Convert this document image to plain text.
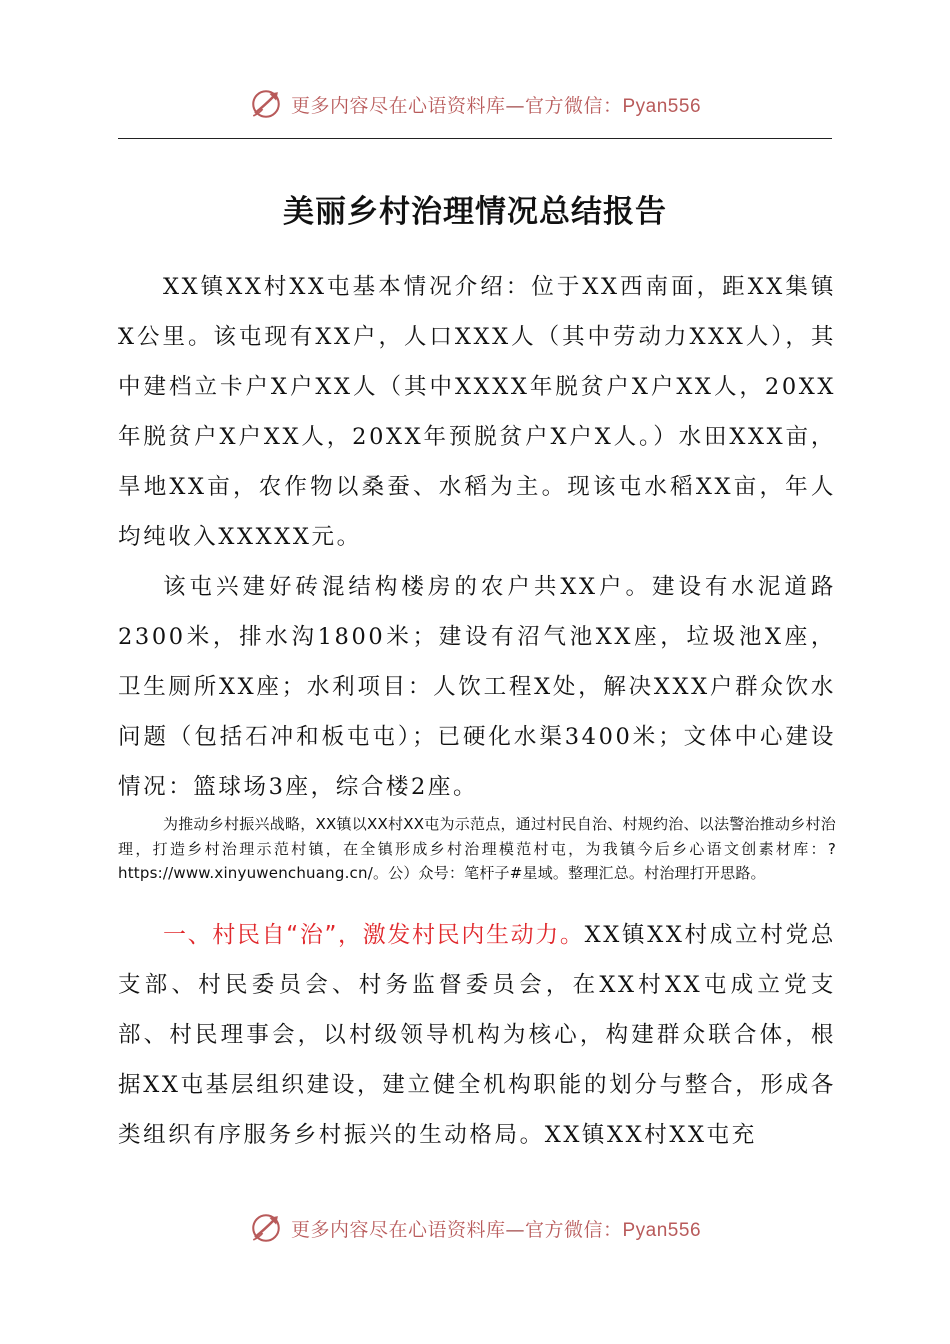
更多内容尽在心语资料库—官方微信：Pyan556
美丽乡村治理情况总结报告

XX镇XX村XX屯基本情况介绍：位于XX西南面，距XX集镇X公里。该屯现有XX户，人口XXX人（其中劳动力XXX人），其中建档立卡户X户XX人（其中XXXX年脱贫户X户XX人，20XX年脱贫户X户XX人，20XX年预脱贫户X户X人。）水田XXX亩，旱地XX亩，农作物以桑蚕、水稻为主。现该屯水稻XX亩，年人均纯收入XXXXX元。

该屯兴建好砖混结构楼房的农户共XX户。建设有水泥道路2300米，排水沟1800米；建设有沼气池XX座，垃圾池X座，卫生厕所XX座；水利项目：人饮工程X处，解决XXX户群众饮水问题（包括石冲和板屯屯）；已硬化水渠3400米；文体中心建设情况：篮球场3座，综合楼2座。

为推动乡村振兴战略，XX镇以XX村XX屯为示范点，通过村民自治、村规约治、以法警治推动乡村治理，打造乡村治理示范村镇，在全镇形成乡村治理模范村屯，为我镇今后乡心语文创素材库：?https://www.xinyuwenchuang.cn/。公）众号：笔杆子#星域。整理汇总。村治理打开思路。

一、村民自“治”，激发村民内生动力。XX镇XX村成立村党总支部、村民委员会、村务监督委员会，在XX村XX屯成立党支部、村民理事会，以村级领导机构为核心，构建群众联合体，根据XX屯基层组织建设，建立健全机构职能的划分与整合，形成各类组织有序服务乡村振兴的生动格局。XX镇XX村XX屯充

更多内容尽在心语资料库—官方微信：Pyan556
